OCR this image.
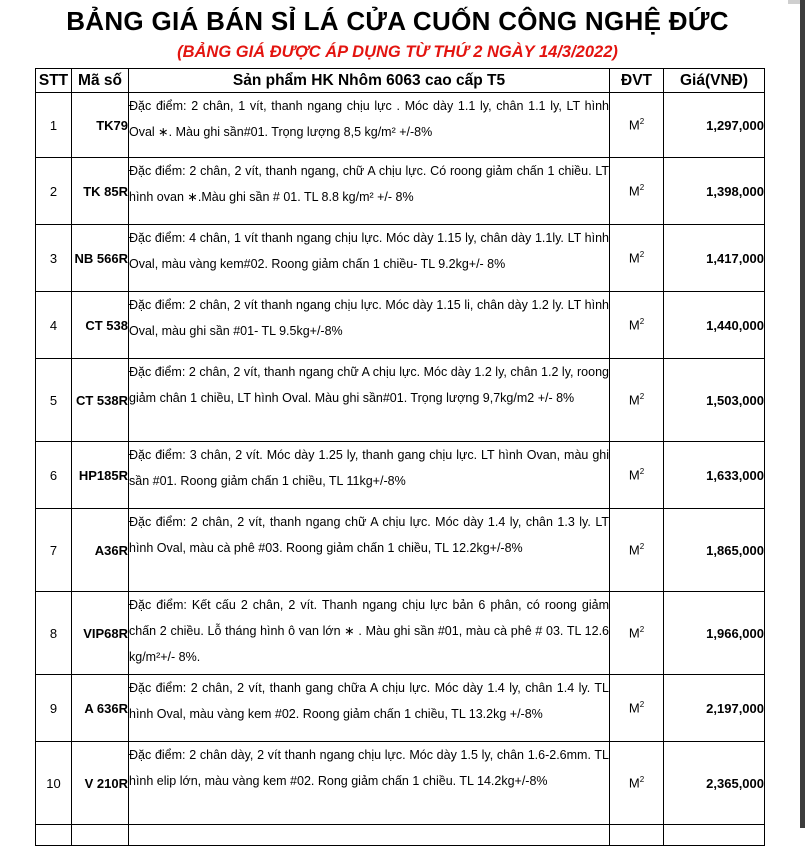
BẢNG GIÁ BÁN SỈ LÁ CỬA CUỐN CÔNG NGHỆ ĐỨC
(BẢNG GIÁ ĐƯỢC ÁP DỤNG TỪ THỨ 2 NGÀY 14/3/2022)
STT	Mã số	Sản phẩm HK Nhôm 6063 cao cấp T5	ĐVT	Giá(VNĐ)
1	TK79	Đặc điểm: 2 chân, 1 vít, thanh ngang chịu lực . Móc dày 1.1 ly, chân 1.1 ly, LT hình Oval ∗. Màu ghi sần#01. Trọng lượng 8,5 kg/m² +/-8%	$M^2$	1,297,000
2	TK 85R	Đặc điểm: 2 chân, 2 vít, thanh ngang, chữ A chịu lực. Có roong giảm chấn 1 chiều. LT hình ovan ∗.Màu ghi sần # 01. TL 8.8 kg/m² +/- 8%	$M^2$	1,398,000
3	NB 566R	Đặc điểm: 4 chân, 1 vít thanh ngang chịu lực. Móc dày 1.15 ly, chân dày 1.1ly. LT hình Oval, màu vàng kem#02. Roong giảm chấn 1 chiều- TL 9.2kg+/- 8%	$M^2$	1,417,000
4	CT 538	Đặc điểm: 2 chân, 2 vít thanh ngang chịu lực. Móc dày 1.15 li, chân dày 1.2 ly. LT hình Oval, màu ghi sần #01- TL 9.5kg+/-8%	$M^2$	1,440,000
5	CT 538R	Đặc điểm: 2 chân, 2 vít, thanh ngang chữ A chịu lực. Móc dày 1.2 ly, chân 1.2 ly, roong giảm chân 1 chiều, LT hình Oval. Màu ghi sần#01. Trọng lượng 9,7kg/m2 +/- 8%	$M^2$	1,503,000
6	HP185R	Đặc điểm: 3 chân, 2 vít. Móc dày 1.25 ly, thanh gang chịu lực. LT hình Ovan, màu ghi sần #01. Roong giảm chấn 1 chiều, TL 11kg+/-8%	$M^2$	1,633,000
7	A36R	Đặc điểm: 2 chân, 2 vít, thanh ngang chữ A chịu lực. Móc dày 1.4 ly, chân 1.3 ly. LT hình Oval, màu cà phê #03. Roong giảm chấn 1 chiều, TL 12.2kg+/-8%	$M^2$	1,865,000
8	VIP68R	Đặc điểm: Kết cấu 2 chân, 2 vít. Thanh ngang chịu lực bản 6 phân, có roong giảm chấn 2 chiều. Lỗ tháng hình ô van lớn ∗ . Màu ghi sần #01, màu cà phê # 03. TL 12.6 kg/m²+/- 8%.	$M^2$	1,966,000
9	A 636R	Đặc điểm: 2 chân, 2 vít, thanh gang chữa A chịu lực. Móc dày 1.4 ly, chân 1.4 ly. TL hình Oval, màu vàng kem #02. Roong giảm chấn 1 chiều, TL 13.2kg +/-8%	$M^2$	2,197,000
10	V 210R	Đặc điểm: 2 chân dày, 2 vít thanh ngang chịu lực. Móc dày 1.5 ly, chân 1.6-2.6mm. TL hình elip lớn, màu vàng kem #02. Rong giảm chấn 1 chiều. TL 14.2kg+/-8%	$M^2$	2,365,000
